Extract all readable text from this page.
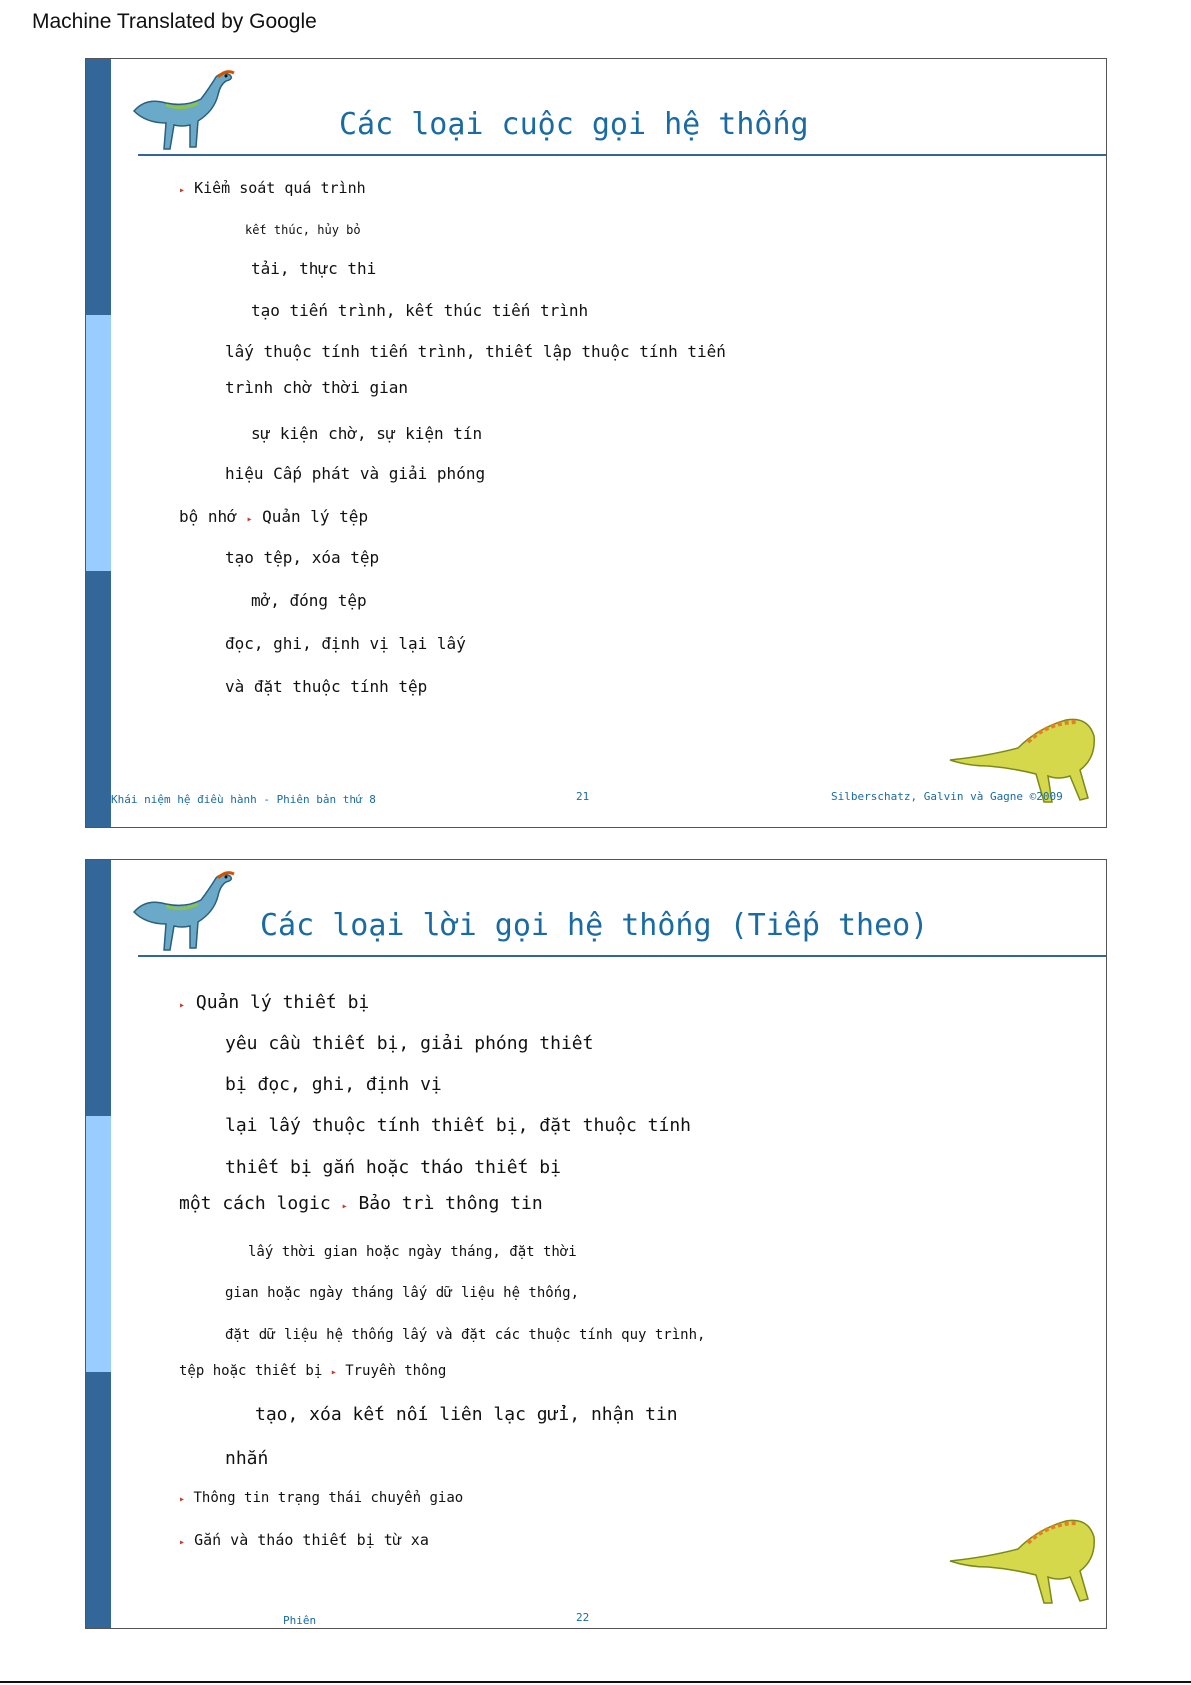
Machine Translated by Google
Các loại cuộc gọi hệ thống
▸ Kiểm soát quá trình
kết thúc, hủy bỏ
tải, thực thi
tạo tiến trình, kết thúc tiến trình
lấy thuộc tính tiến trình, thiết lập thuộc tính tiến
trình chờ thời gian
sự kiện chờ, sự kiện tín
hiệu Cấp phát và giải phóng
bộ nhớ ▸ Quản lý tệp
tạo tệp, xóa tệp
mở, đóng tệp
đọc, ghi, định vị lại lấy
và đặt thuộc tính tệp
Khái niệm hệ điều hành - Phiên bản thứ 8	21	Silberschatz, Galvin và Gagne ©2009
Các loại lời gọi hệ thống (Tiếp theo)
▸ Quản lý thiết bị
yêu cầu thiết bị, giải phóng thiết
bị đọc, ghi, định vị
lại lấy thuộc tính thiết bị, đặt thuộc tính
thiết bị gắn hoặc tháo thiết bị
một cách logic ▸ Bảo trì thông tin
lấy thời gian hoặc ngày tháng, đặt thời
gian hoặc ngày tháng lấy dữ liệu hệ thống,
đặt dữ liệu hệ thống lấy và đặt các thuộc tính quy trình,
tệp hoặc thiết bị ▸ Truyền thông
tạo, xóa kết nối liên lạc gửi, nhận tin
nhắn
▸ Thông tin trạng thái chuyển giao
▸ Gắn và tháo thiết bị từ xa
Phiên	22
